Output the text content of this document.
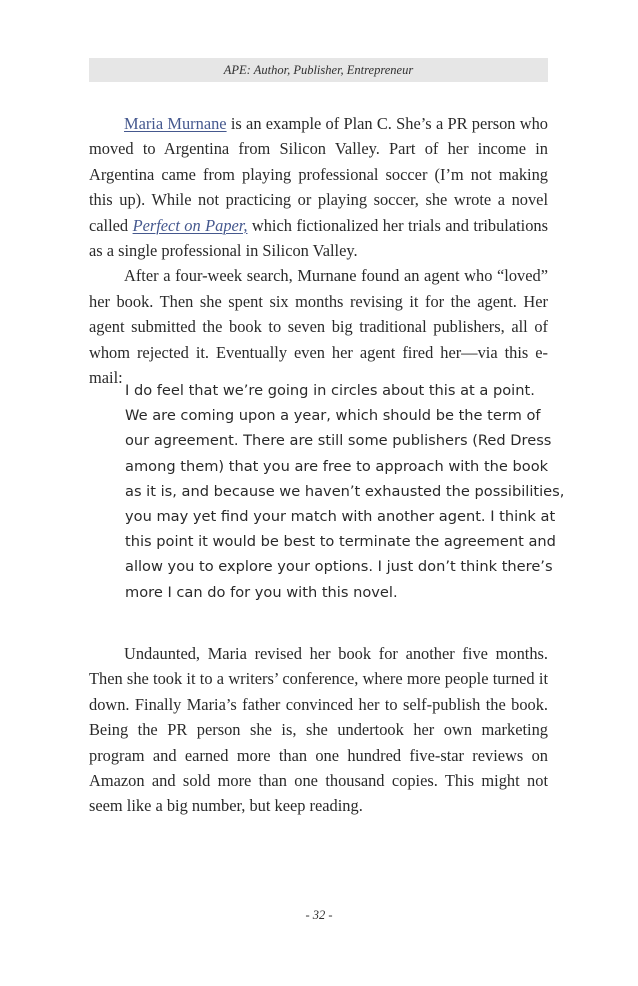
APE: Author, Publisher, Entrepreneur

Maria Murnane is an example of Plan C. She’s a PR person who moved to Argentina from Silicon Valley. Part of her income in Argentina came from playing professional soccer (I’m not making this up). While not practicing or playing soccer, she wrote a novel called Perfect on Paper, which fictionalized her trials and tribulations as a single professional in Silicon Valley.

After a four-week search, Murnane found an agent who “loved” her book. Then she spent six months revising it for the agent. Her agent submitted the book to seven big traditional publishers, all of whom rejected it. Eventually even her agent fired her—via this e-mail:

I do feel that we’re going in circles about this at a point.
We are coming upon a year, which should be the term of
our agreement. There are still some publishers (Red Dress
among them) that you are free to approach with the book
as it is, and because we haven’t exhausted the possibilities,
you may yet find your match with another agent. I think at
this point it would be best to terminate the agreement and
allow you to explore your options. I just don’t think there’s
more I can do for you with this novel.

Undaunted, Maria revised her book for another five months. Then she took it to a writers’ conference, where more people turned it down. Finally Maria’s father convinced her to self-publish the book. Being the PR person she is, she undertook her own marketing program and earned more than one hundred five-star reviews on Amazon and sold more than one thousand copies. This might not seem like a big number, but keep reading.

- 32 -
